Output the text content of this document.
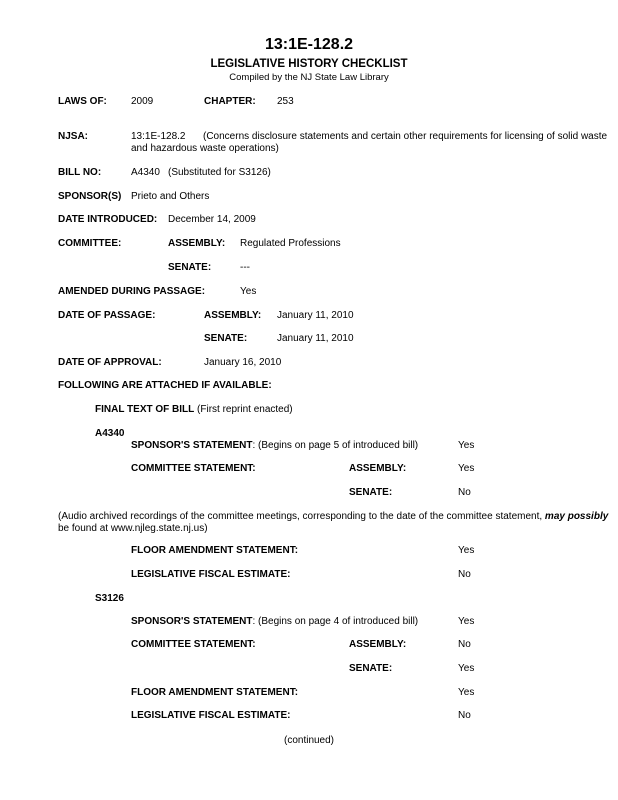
13:1E-128.2
LEGISLATIVE HISTORY CHECKLIST
Compiled by the NJ State Law Library
LAWS OF: 2009	CHAPTER: 253
NJSA:	13:1E-128.2 (Concerns disclosure statements and certain other requirements for licensing of solid waste
and hazardous waste operations)
BILL NO:	A4340 (Substituted for S3126)
SPONSOR(S) Prieto and Others
DATE INTRODUCED: December 14, 2009
COMMITTEE:	ASSEMBLY: Regulated Professions
SENATE:	---
AMENDED DURING PASSAGE:	Yes
DATE OF PASSAGE:	ASSEMBLY: January 11, 2010
SENATE:	January 11, 2010
DATE OF APPROVAL:	January 16, 2010
FOLLOWING ARE ATTACHED IF AVAILABLE:
FINAL TEXT OF BILL (First reprint enacted)
A4340
SPONSOR'S STATEMENT: (Begins on page 5 of introduced bill)	Yes
COMMITTEE STATEMENT:	ASSEMBLY:	Yes
SENATE:	No
(Audio archived recordings of the committee meetings, corresponding to the date of the committee statement, may possibly
be found at www.njleg.state.nj.us)
FLOOR AMENDMENT STATEMENT:	Yes
LEGISLATIVE FISCAL ESTIMATE:	No
S3126
SPONSOR'S STATEMENT: (Begins on page 4 of introduced bill)	Yes
COMMITTEE STATEMENT:	ASSEMBLY:	No
SENATE:	Yes
FLOOR AMENDMENT STATEMENT:	Yes
LEGISLATIVE FISCAL ESTIMATE:	No
(continued)
